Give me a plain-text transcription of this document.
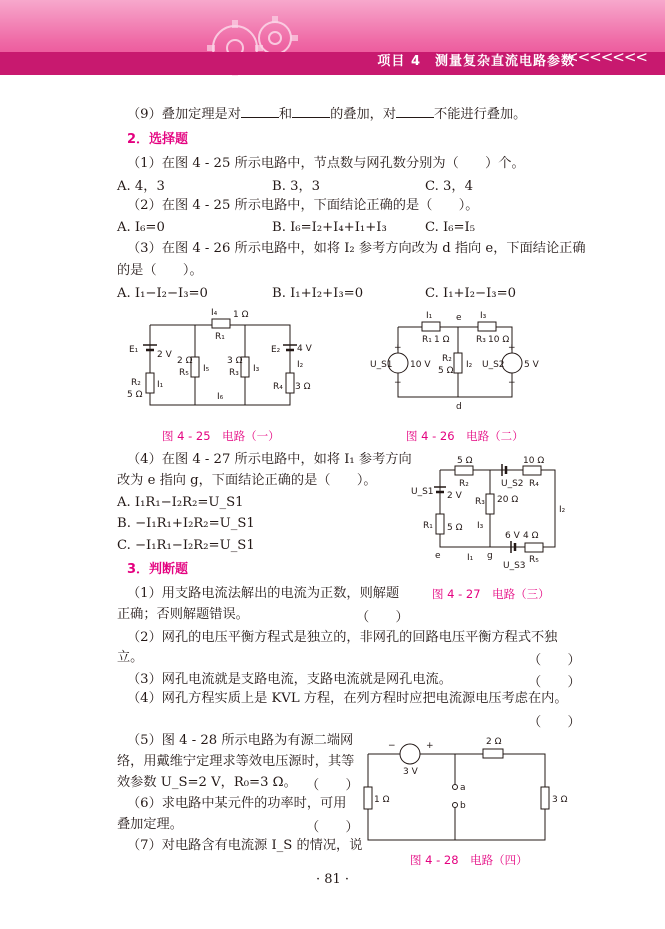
项目 4　测量复杂直流电路参数
<<<<<<<
（9）叠加定理是对	和	的叠加，对	不能进行叠加。
2．选择题
（1）在图 4 - 25 所示电路中，节点数与网孔数分别为（　　）个。
A. 4，3	B. 3，3	C. 3，4
（2）在图 4 - 25 所示电路中，下面结论正确的是（　　）。
A. I₆=0	B. I₆=I₂+I₄+I₁+I₃	C. I₆=I₅
（3）在图 4 - 26 所示电路中，如将 I₂ 参考方向改为 d 指向 e，下面结论正确
的是（　　）。
A. I₁−I₂−I₃=0	B. I₁+I₂+I₃=0	C. I₁+I₂−I₃=0
I₄ 1 Ω
R₁
E₁ 2 V
I₁
R₂
5 Ω
2 Ω
R₅ I₅
3 Ω
R₃ I₃
E₂ 4 V
I₂
R₄ 3 Ω
I₆
图 4 - 25　电路（一）
I₁	e I₃
R₁ 1 Ω	R₃ 10 Ω
U_S1 10 V
R₂
5 Ω
I₂ U_S2 5 V
d
+
−
+
−
图 4 - 26　电路（二）
（4）在图 4 - 27 所示电路中，如将 I₁ 参考方向
改为 e 指向 g，下面结论正确的是（　　）。
A. I₁R₁−I₂R₂=U_S1
B. −I₁R₁+I₂R₂=U_S1
C. −I₁R₁−I₂R₂=U_S1
5 Ω
R₂
10 Ω
R₄
U_S2
U_S1 2 V
R₃ 20 Ω
I₂
I₃
R₁ 5 Ω
e	g
I₁
6 V 4 Ω
R₅
U_S3
图 4 - 27　电路（三）
3．判断题
（1）用支路电流法解出的电流为正数，则解题
正确；否则解题错误。	（　　）
（2）网孔的电压平衡方程式是独立的，非网孔的回路电压平衡方程式不独
立。	（　　）
（3）网孔电流就是支路电流，支路电流就是网孔电流。	（　　）
（4）网孔方程实质上是 KVL 方程，在列方程时应把电流源电压考虑在内。
（　　）
（5）图 4 - 28 所示电路为有源二端网
络，用戴维宁定理求等效电压源时，其等
效参数 U_S=2 V，R₀=3 Ω。 （　　）
（6）求电路中某元件的功率时，可用
叠加定理。	（　　）
（7）对电路含有电流源 I_S 的情况，说
−	+
3 V
2 Ω
a
b
1 Ω	3 Ω
图 4 - 28　电路（四）
· 81 ·
